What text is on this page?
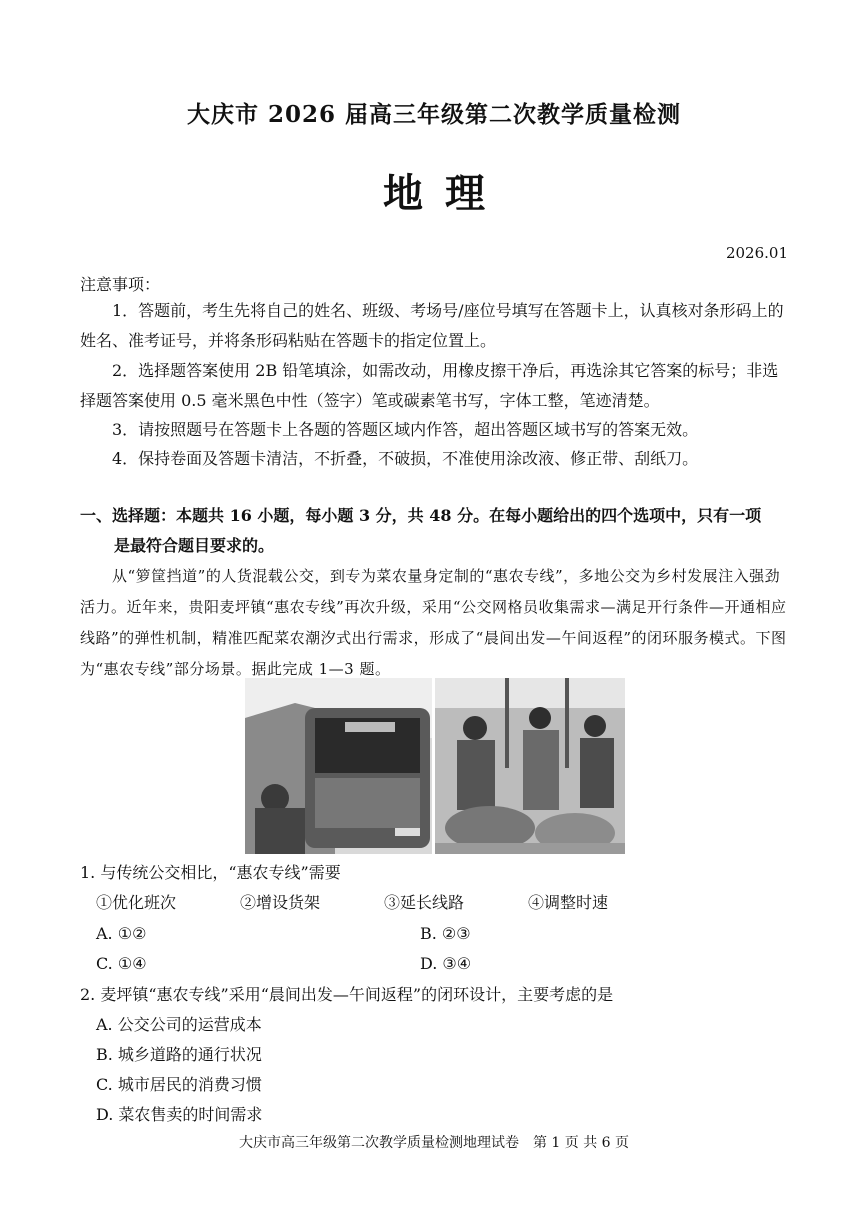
大庆市 2026 届高三年级第二次教学质量检测
地理
2026.01
注意事项：
1．答题前，考生先将自己的姓名、班级、考场号/座位号填写在答题卡上，认真核对条形码上的姓名、准考证号，并将条形码粘贴在答题卡的指定位置上。
2．选择题答案使用 2B 铅笔填涂，如需改动，用橡皮擦干净后，再选涂其它答案的标号；非选择题答案使用 0.5 毫米黑色中性（签字）笔或碳素笔书写，字体工整，笔迹清楚。
3．请按照题号在答题卡上各题的答题区域内作答，超出答题区域书写的答案无效。
4．保持卷面及答题卡清洁，不折叠，不破损，不准使用涂改液、修正带、刮纸刀。
一、选择题：本题共 16 小题，每小题 3 分，共 48 分。在每小题给出的四个选项中，只有一项
是最符合题目要求的。
从“箩筐挡道”的人货混载公交，到专为菜农量身定制的“惠农专线”，多地公交为乡村发展注入强劲活力。近年来，贵阳麦坪镇“惠农专线”再次升级，采用“公交网格员收集需求—满足开行条件—开通相应线路”的弹性机制，精准匹配菜农潮汐式出行需求，形成了“晨间出发—午间返程”的闭环服务模式。下图为“惠农专线”部分场景。据此完成 1—3 题。
1. 与传统公交相比，“惠农专线”需要
①优化班次　　　　②增设货架　　　　③延长线路　　　　④调整时速
A. ①②	B. ②③
C. ①④	D. ③④
2. 麦坪镇“惠农专线”采用“晨间出发—午间返程”的闭环设计，主要考虑的是
A. 公交公司的运营成本
B. 城乡道路的通行状况
C. 城市居民的消费习惯
D. 菜农售卖的时间需求
大庆市高三年级第二次教学质量检测地理试卷　第 1 页 共 6 页
